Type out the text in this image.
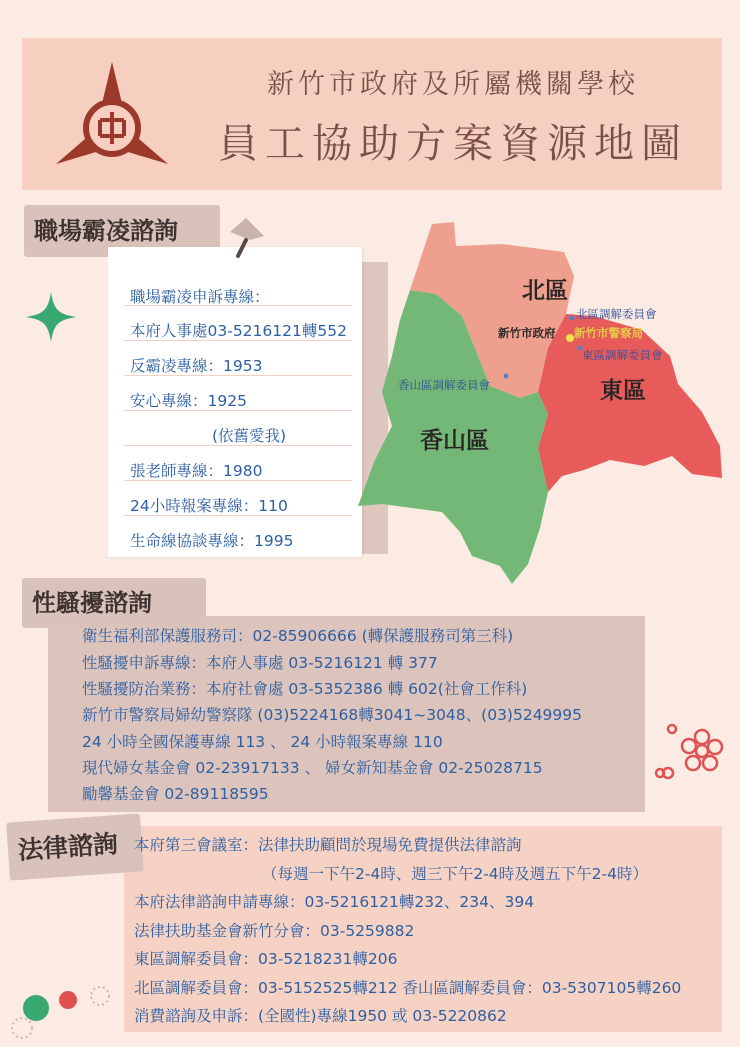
新竹市政府及所屬機關學校
員工協助方案資源地圖
職場霸凌諮詢
職場霸凌申訴專線：
本府人事處03-5216121轉552
反霸凌專線：1953
安心專線：1925
(依舊愛我)
張老師專線：1980
24小時報案專線：110
生命線協談專線：1995
北區
東區
香山區
新竹市政府 新竹市警察局
北區調解委員會
東區調解委員會
香山區調解委員會
性騷擾諮詢
衛生福利部保護服務司：02-85906666 (轉保護服務司第三科)
性騷擾申訴專線：本府人事處 03-5216121 轉 377
性騷擾防治業務：本府社會處 03-5352386 轉 602(社會工作科)
新竹市警察局婦幼警察隊 (03)5224168轉3041~3048、(03)5249995
24 小時全國保護專線 113 、 24 小時報案專線 110
現代婦女基金會 02-23917133 、 婦女新知基金會 02-25028715
勵馨基金會 02-89118595
法律諮詢 本府第三會議室：法律扶助顧問於現場免費提供法律諮詢
（每週一下午2-4時、週三下午2-4時及週五下午2-4時）
本府法律諮詢申請專線：03-5216121轉232、234、394
法律扶助基金會新竹分會：03-5259882
東區調解委員會：03-5218231轉206
北區調解委員會：03-5152525轉212 香山區調解委員會：03-5307105轉260
消費諮詢及申訴：(全國性)專線1950 或 03-5220862
